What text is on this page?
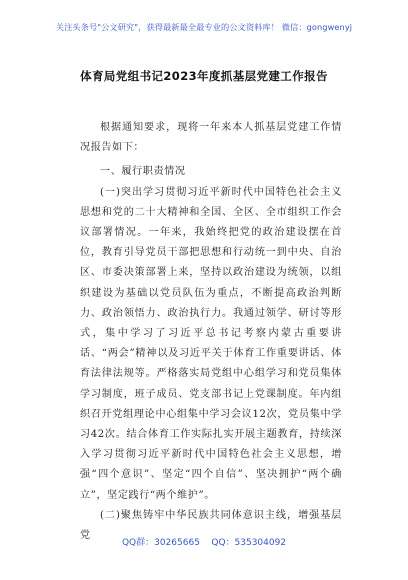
关注头条号"公文研究"，获得最新最全最专业的公文资料库！ 微信：gongwenyj
体育局党组书记2023年度抓基层党建工作报告

根据通知要求，现将一年来本人抓基层党建工作情况报告如下：

一、履行职责情况

(一)突出学习贯彻习近平新时代中国特色社会主义思想和党的二十大精神和全国、全区、全市组织工作会议部署情况。一年来，我始终把党的政治建设摆在首位，教育引导党员干部把思想和行动统一到中央、自治区、市委决策部署上来，坚持以政治建设为统领，以组织建设为基础以党员队伍为重点，不断提高政治判断力、政治领悟力、政治执行力。我通过领学、研讨等形式，集中学习了习近平总书记考察内蒙古重要讲话、“两会”精神以及习近平关于体育工作重要讲话、体育法律法规等。严格落实局党组中心组学习和党员集体学习制度，班子成员、党支部书记上党课制度。年内组织召开党组理论中心组集中学习会议12次，党员集中学习42次。结合体育工作实际扎实开展主题教育，持续深入学习贯彻习近平新时代中国特色社会主义思想，增强“四个意识”、坚定“四个自信”、坚决拥护“两个确立”，坚定践行“两个维护”。

(二)聚焦铸牢中华民族共同体意识主线，增强基层党

QQ群：30265665    QQ：535304092
